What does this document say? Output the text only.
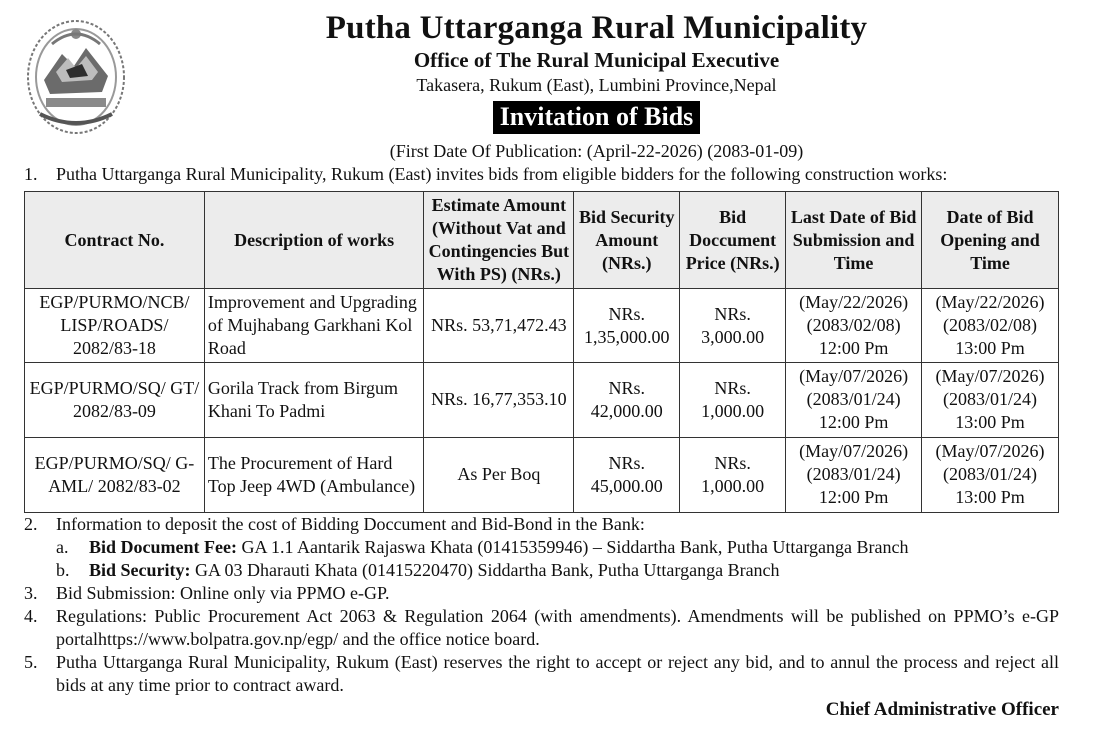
Putha Uttarganga Rural Municipality
Office of The Rural Municipal Executive
Takasera, Rukum (East), Lumbini Province,Nepal
Invitation of Bids
(First Date Of Publication: (April-22-2026) (2083-01-09)
1. Putha Uttarganga Rural Municipality, Rukum (East) invites bids from eligible bidders for the following construction works:
Contract No.	Description of works	Estimate Amount (Without Vat and Contingencies But With PS) (NRs.)	Bid Security Amount (NRs.)	Bid Doccument Price (NRs.)	Last Date of Bid Submission and Time	Date of Bid Opening and Time
EGP/PURMO/NCB/ LISP/ROADS/ 2082/83-18	Improvement and Upgrading of Mujhabang Garkhani Kol Road	NRs. 53,71,472.43	NRs. 1,35,000.00	NRs. 3,000.00	(May/22/2026) (2083/02/08) 12:00 Pm	(May/22/2026) (2083/02/08) 13:00 Pm
EGP/PURMO/SQ/ GT/ 2082/83-09	Gorila Track from Birgum Khani To Padmi	NRs. 16,77,353.10	NRs. 42,000.00	NRs. 1,000.00	(May/07/2026) (2083/01/24) 12:00 Pm	(May/07/2026) (2083/01/24) 13:00 Pm
EGP/PURMO/SQ/ G-AML/ 2082/83-02	The Procurement of Hard Top Jeep 4WD (Ambulance)	As Per Boq	NRs. 45,000.00	NRs. 1,000.00	(May/07/2026) (2083/01/24) 12:00 Pm	(May/07/2026) (2083/01/24) 13:00 Pm
2.	Information to deposit the cost of Bidding Doccument and Bid-Bond in the Bank:
a.	Bid Document Fee: GA 1.1 Aantarik Rajaswa Khata (01415359946) – Siddartha Bank, Putha Uttarganga Branch
b.	Bid Security: GA 03 Dharauti Khata (01415220470) Siddartha Bank, Putha Uttarganga Branch
3.	Bid Submission: Online only via PPMO e-GP.
4.	Regulations: Public Procurement Act 2063 & Regulation 2064 (with amendments). Amendments will be published on PPMO’s e-GP portalhttps://www.bolpatra.gov.np/egp/ and the office notice board.
5.	Putha Uttarganga Rural Municipality, Rukum (East) reserves the right to accept or reject any bid, and to annul the process and reject all bids at any time prior to contract award.
Chief Administrative Officer
